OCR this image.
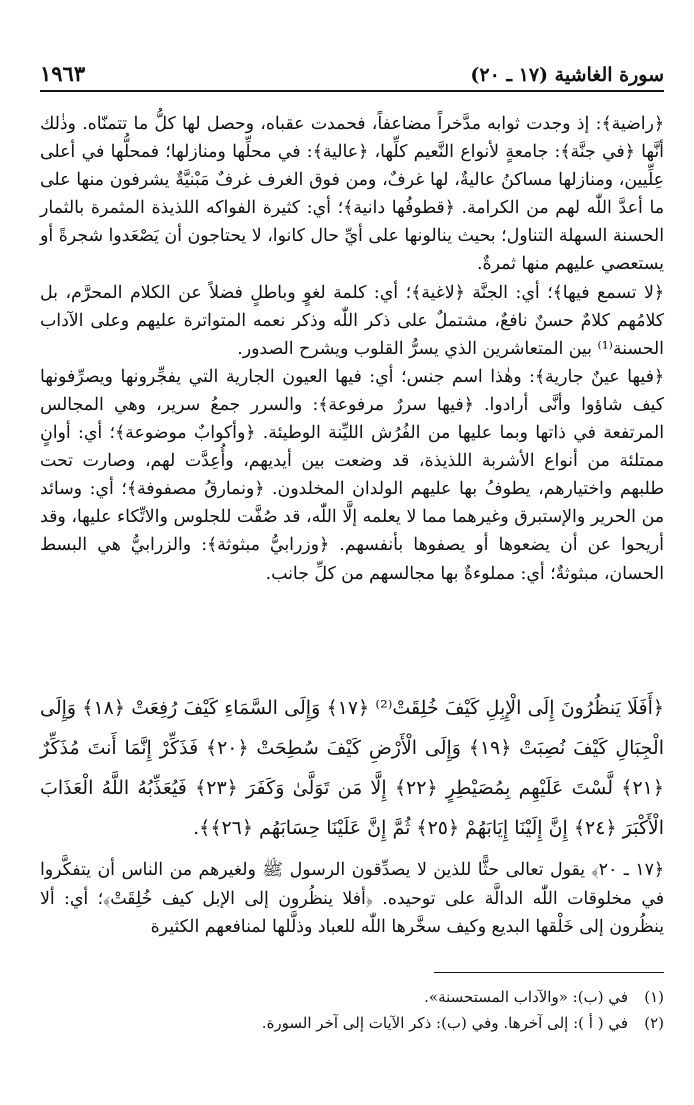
سورة الغاشية (١٧ ـ ٢٠)
١٩٦٣

﴿راضية﴾: إذ وجدت ثوابه مدَّخراً مضاعفاً، فحمدت عقباه، وحصل لها كلُّ ما تتمنّاه. وذٰلك أنَّها ﴿في جنَّة﴾: جامعةٍ لأنواع النَّعيم كلِّها، ﴿عالية﴾: في محلِّها ومنازلها؛ فمحلُّها في أعلى عِلِّيين، ومنازلها مساكنُ عاليةٌ، لها غرفٌ، ومن فوق الغرف غرفٌ مَبْنيَّةٌ يشرفون منها على ما أعدَّ اللّٰه لهم من الكرامة. ﴿قطوفُها دانية﴾؛ أي: كثيرة الفواكه اللذيذة المثمرة بالثمار الحسنة السهلة التناول؛ بحيث ينالونها على أيِّ حال كانوا، لا يحتاجون أن يَصْعَدوا شجرةً أو يستعصي عليهم منها ثمرةٌ.

﴿لا تسمع فيها﴾؛ أي: الجنَّة ﴿لاغية﴾؛ أي: كلمة لغوٍ وباطلٍ فضلاً عن الكلام المحرَّم، بل كلامُهم كلامٌ حسنٌ نافعٌ، مشتملٌ على ذكر اللّٰه وذكر نعمه المتواترة عليهم وعلى الآداب الحسنة⁽¹⁾ بين المتعاشرين الذي يسرُّ القلوب ويشرح الصدور.

﴿فيها عينٌ جارية﴾: وهٰذا اسم جنس؛ أي: فيها العيون الجارية التي يفجِّرونها ويصرِّفونها كيف شاؤوا وأنَّى أرادوا. ﴿فيها سررٌ مرفوعة﴾: والسرر جمعُ سرير، وهي المجالس المرتفعة في ذاتها وبما عليها من الفُرُش الليِّنة الوطيئة. ﴿وأكوابٌ موضوعة﴾؛ أي: أوانٍ ممتلئة من أنواع الأشربة اللذيذة، قد وضعت بين أيديهم، وأُعِدَّت لهم، وصارت تحت طلبهم واختيارهم، يطوفُ بها عليهم الولدان المخلدون. ﴿ونمارقُ مصفوفة﴾؛ أي: وسائد من الحرير والإستبرق وغيرهما مما لا يعلمه إلَّا اللّٰه، قد صُفَّت للجلوس والاتِّكاء عليها، وقد أريحوا عن أن يضعوها أو يصفوها بأنفسهم. ﴿وزرابيُّ مبثوثة﴾: والزرابيُّ هي البسط الحسان، مبثوثةٌ؛ أي: مملوءةٌ بها مجالسهم من كلِّ جانب.

﴿أَفَلَا يَنظُرُونَ إِلَى الْإِبِلِ كَيْفَ خُلِقَتْ⁽²⁾ ﴿١٧﴾ وَإِلَى السَّمَاءِ كَيْفَ رُفِعَتْ ﴿١٨﴾ وَإِلَى الْجِبَالِ كَيْفَ نُصِبَتْ ﴿١٩﴾ وَإِلَى الْأَرْضِ كَيْفَ سُطِحَتْ ﴿٢٠﴾ فَذَكِّرْ إِنَّمَا أَنتَ مُذَكِّرٌ ﴿٢١﴾ لَّسْتَ عَلَيْهِم بِمُصَيْطِرٍ ﴿٢٢﴾ إِلَّا مَن تَوَلَّىٰ وَكَفَرَ ﴿٢٣﴾ فَيُعَذِّبُهُ اللَّهُ الْعَذَابَ الْأَكْبَرَ ﴿٢٤﴾ إِنَّ إِلَيْنَا إِيَابَهُمْ ﴿٢٥﴾ ثُمَّ إِنَّ عَلَيْنَا حِسَابَهُم ﴿٢٦﴾﴾.

﴿١٧ ـ ٢٠﴾ يقول تعالى حثًّا للذين لا يصدِّقون الرسول ﷺ ولغيرهم من الناس أن يتفكَّروا في مخلوقات اللّٰه الدالَّة على توحيده. ﴿أفلا ينظُرون إلى الإبل كيف خُلِقَتْ﴾؛ أي: ألا ينظُرون إلى خَلْقها البديع وكيف سخَّرها اللّٰه للعباد وذلَّلها لمنافعهم الكثيرة

(١)في (ب): «والآداب المستحسنة».

(٢)في ( أ ): إلى آخرها. وفي (ب): ذكر الآيات إلى آخر السورة.
